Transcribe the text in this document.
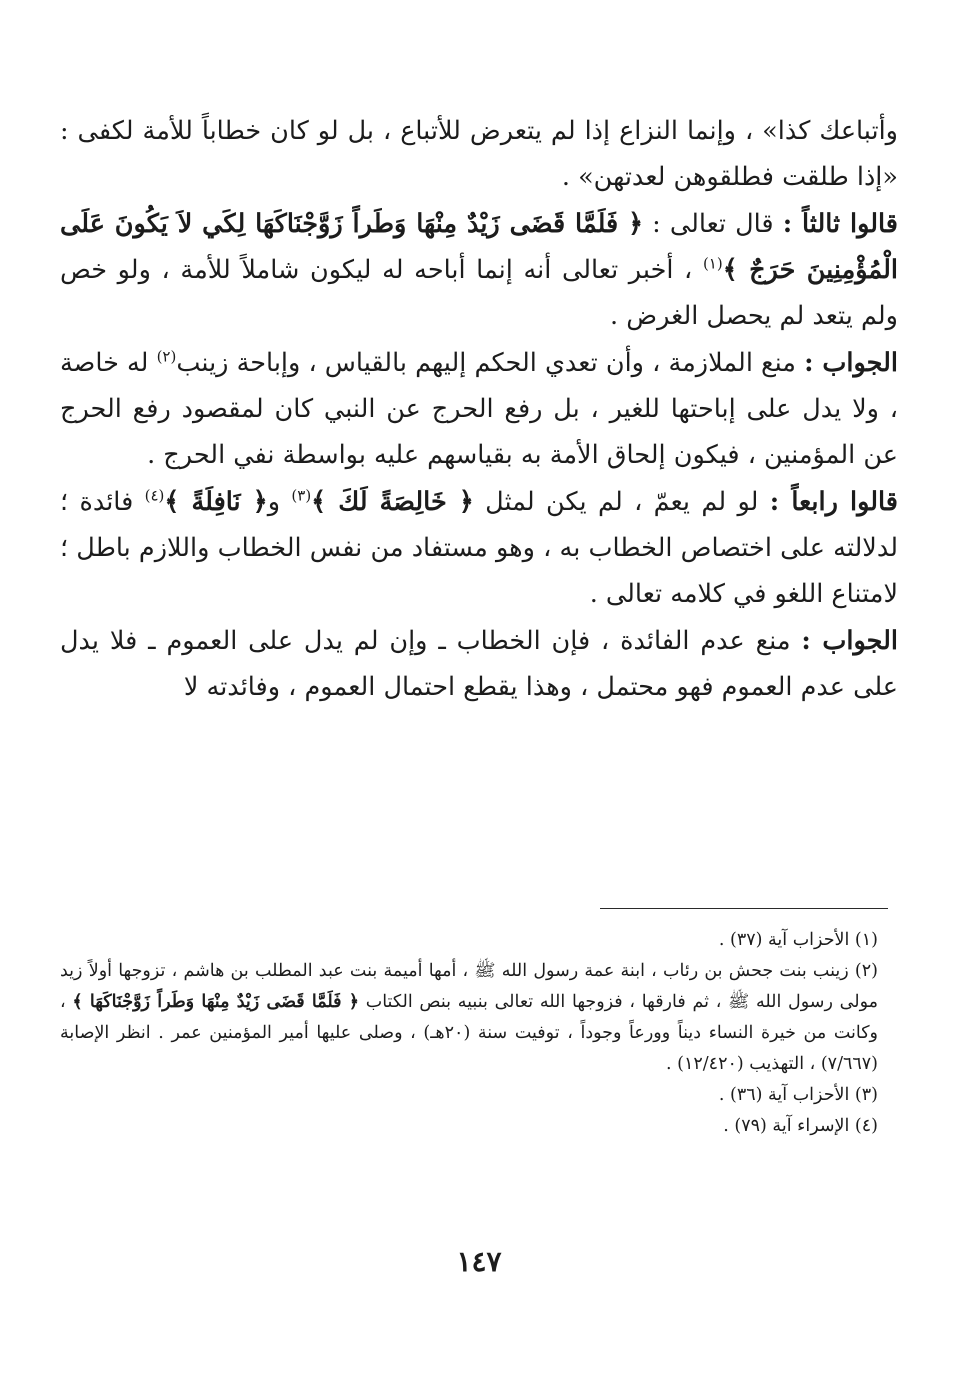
وأتباعك كذا» ، وإنما النزاع إذا لم يتعرض للأتباع ، بل لو كان خطاباً للأمة لكفى : «إذا طلقت فطلقوهن لعدتهن» .

قالوا ثالثاً : قال تعالى : ﴿ فَلَمَّا قَضَى زَيْدٌ مِنْهَا وَطَراً زَوَّجْنَاكَهَا لِكَي لاَ يَكُونَ عَلَى الْمُؤْمِنِينَ حَرَجٌ ﴾$^{(١)}$ ، أخبر تعالى أنه إنما أباحه له ليكون شاملاً للأمة ، ولو خص ولم يتعد لم يحصل الغرض .

الجواب : منع الملازمة ، وأن تعدي الحكم إليهم بالقياس ، وإباحة زينب$^{(٢)}$ له خاصة ، ولا يدل على إباحتها للغير ، بل رفع الحرج عن النبي كان لمقصود رفع الحرج عن المؤمنين ، فيكون إلحاق الأمة به بقياسهم عليه بواسطة نفي الحرج .

قالوا رابعاً : لو لم يعمّ ، لم يكن لمثل ﴿ خَالِصَةً لَكَ ﴾$^{(٣)}$ و﴿ نَافِلَةً ﴾$^{(٤)}$ فائدة ؛ لدلالته على اختصاص الخطاب به ، وهو مستفاد من نفس الخطاب واللازم باطل ؛ لامتناع اللغو في كلامه تعالى .

الجواب : منع عدم الفائدة ، فإن الخطاب ـ وإن لم يدل على العموم ـ فلا يدل على عدم العموم فهو محتمل ، وهذا يقطع احتمال العموم ، وفائدته لا

(١) الأحزاب آية (٣٧) .

(٢) زينب بنت جحش بن رئاب ، ابنة عمة رسول الله ﷺ ، أمها أميمة بنت عبد المطلب بن هاشم ، تزوجها أولاً زيد مولى رسول الله ﷺ ، ثم فارقها ، فزوجها الله تعالى بنبيه بنص الكتاب ﴿ فَلَمَّا قَضَى زَيْدٌ مِنْهَا وَطَراً زَوَّجْنَاكَهَا ﴾ ، وكانت من خيرة النساء ديناً وورعاً وجوداً ، توفيت سنة (٢٠هـ) ، وصلى عليها أمير المؤمنين عمر . انظر الإصابة (٧/٦٦٧) ، التهذيب (١٢/٤٢٠) .

(٣) الأحزاب آية (٣٦) .

(٤) الإسراء آية (٧٩) .

١٤٧
